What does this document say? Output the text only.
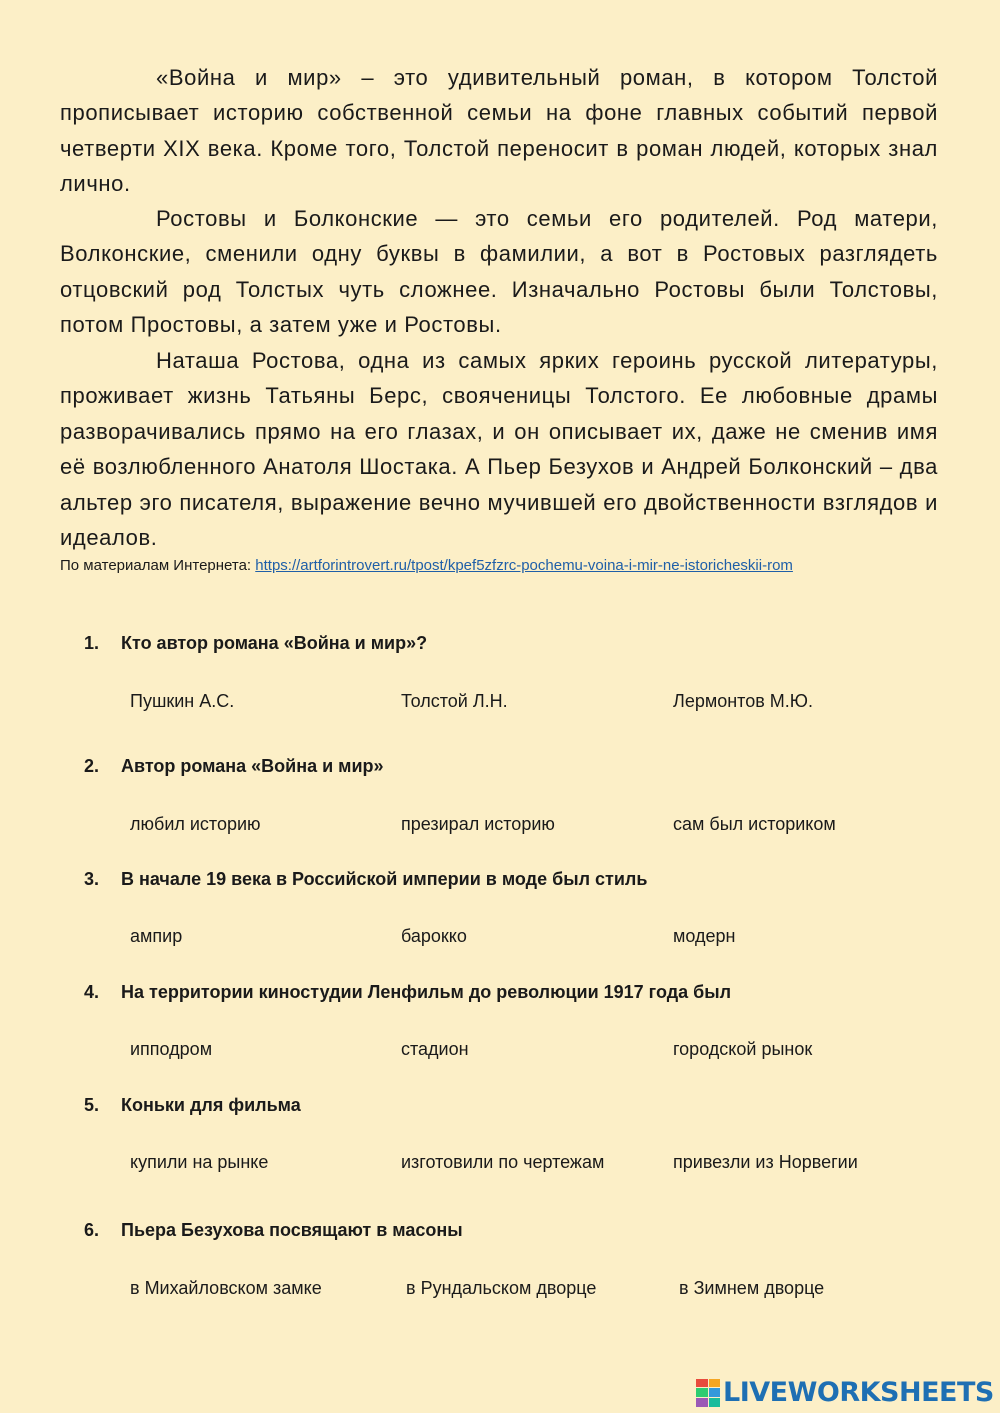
«Война и мир» – это удивительный роман, в котором Толстой прописывает историю собственной семьи на фоне главных событий первой четверти XIX века. Кроме того, Толстой переносит в роман людей, которых знал лично.

Ростовы и Болконские — это семьи его родителей. Род матери, Волконские, сменили одну буквы в фамилии, а вот в Ростовых разглядеть отцовский род Толстых чуть сложнее. Изначально Ростовы были Толстовы, потом Простовы, а затем уже и Ростовы.

Наташа Ростова, одна из самых ярких героинь русской литературы, проживает жизнь Татьяны Берс, свояченицы Толстого. Ее любовные драмы разворачивались прямо на его глазах, и он описывает их, даже не сменив имя её возлюбленного Анатоля Шостака. А Пьер Безухов и Андрей Болконский – два альтер эго писателя, выражение вечно мучившей его двойственности взглядов и идеалов.

По материалам Интернета: https://artforintrovert.ru/tpost/kpef5zfzrc-pochemu-voina-i-mir-ne-istoricheskii-rom
1. Кто автор романа «Война и мир»?
Пушкин А.С.	Толстой Л.Н.	Лермонтов М.Ю.
2. Автор романа «Война и мир»
любил историю	презирал историю	сам был историком
3. В начале 19 века в Российской империи в моде был стиль
ампир	барокко	модерн
4. На территории киностудии Ленфильм до революции 1917 года был
ипподром	стадион	городской рынок
5. Коньки для фильма
купили на рынке	изготовили по чертежам	привезли из Норвегии
6. Пьера Безухова посвящают в масоны
в Михайловском замке	в Рундальском дворце	в Зимнем дворце
LIVEWORKSHEETS
